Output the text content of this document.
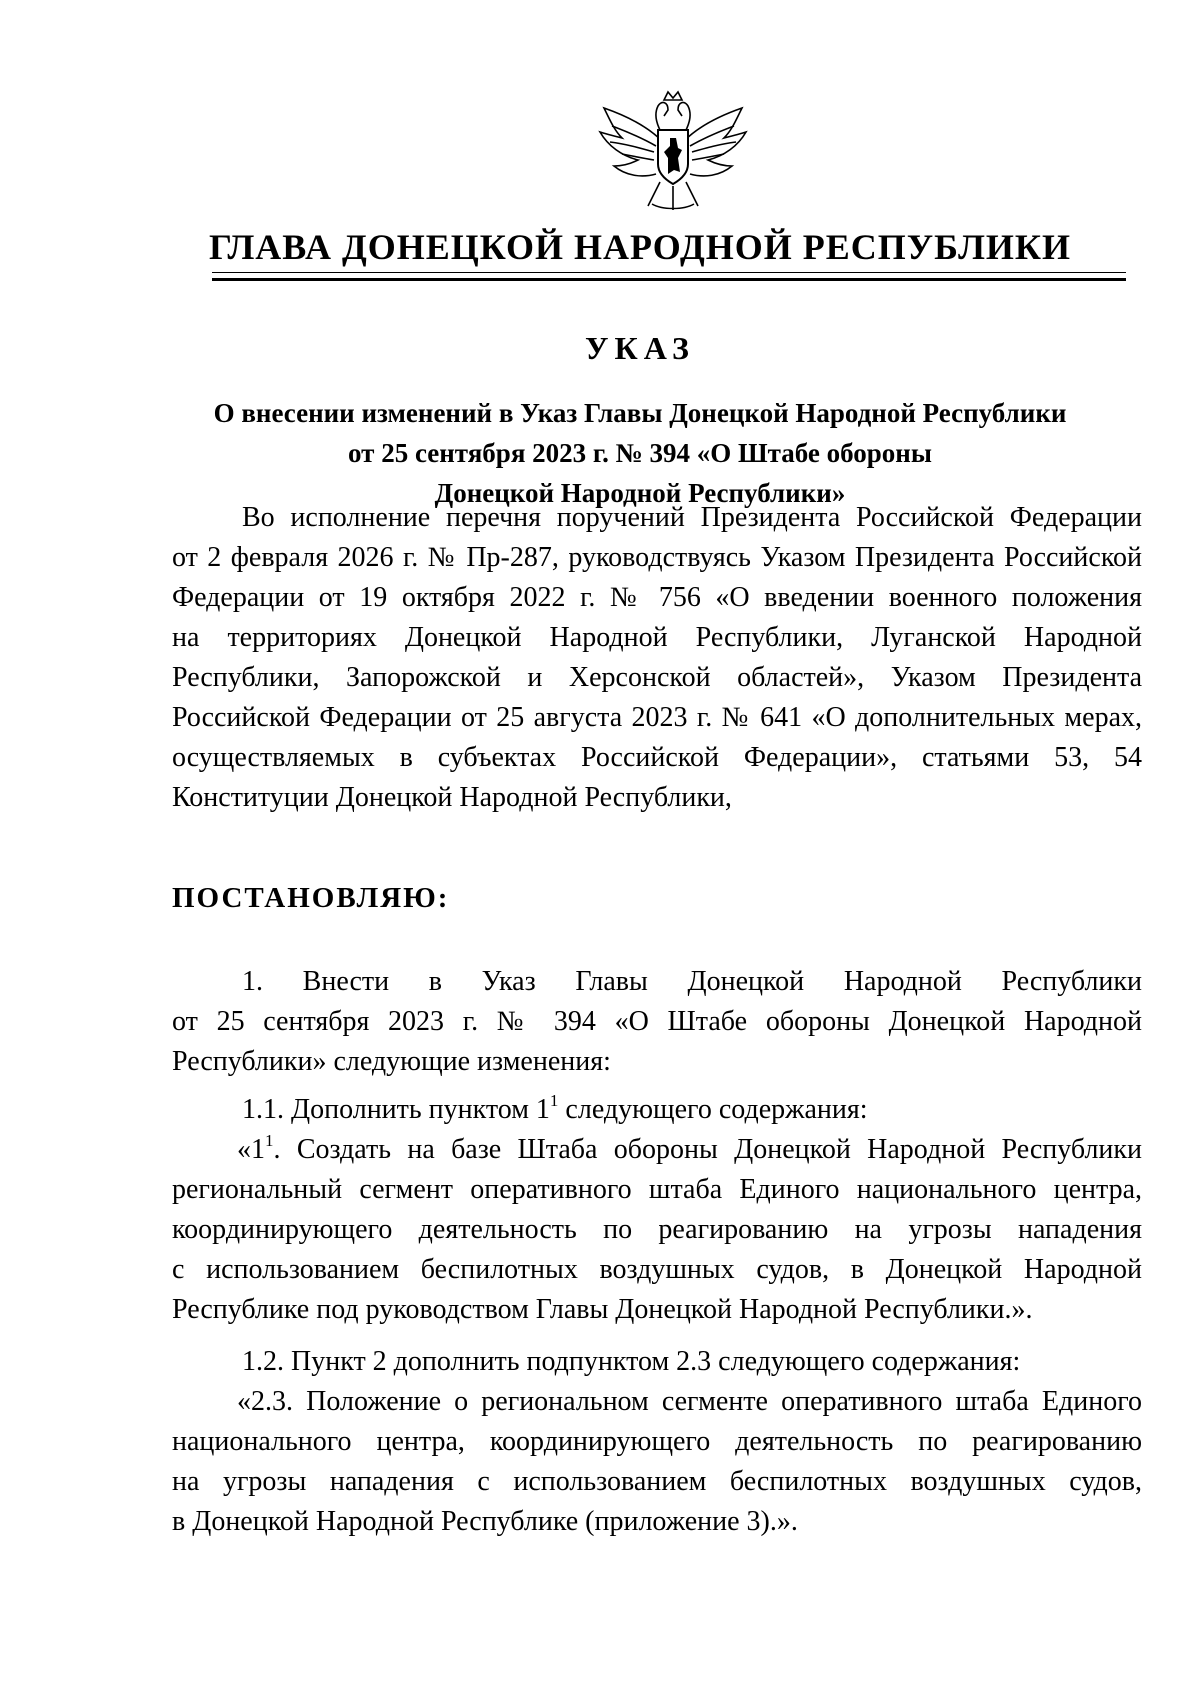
ГЛАВА ДОНЕЦКОЙ НАРОДНОЙ РЕСПУБЛИКИ
УКАЗ
О внесении изменений в Указ Главы Донецкой Народной Республики
от 25 сентября 2023 г. № 394 «О Штабе обороны
Донецкой Народной Республики»
Во исполнение перечня поручений Президента Российской Федерации
от 2 февраля 2026 г. № Пр-287, руководствуясь Указом Президента Российской
Федерации от 19 октября 2022 г. № 756 «О введении военного положения
на территориях Донецкой Народной Республики, Луганской Народной
Республики, Запорожской и Херсонской областей», Указом Президента
Российской Федерации от 25 августа 2023 г. № 641 «О дополнительных мерах,
осуществляемых в субъектах Российской Федерации», статьями 53, 54
Конституции Донецкой Народной Республики,
ПОСТАНОВЛЯЮ:
1. Внести в Указ Главы Донецкой Народной Республики
от 25 сентября 2023 г. № 394 «О Штабе обороны Донецкой Народной
Республики» следующие изменения:
1.1. Дополнить пунктом $1^1$ следующего содержания:
«$1^1$. Создать на базе Штаба обороны Донецкой Народной Республики
региональный сегмент оперативного штаба Единого национального центра,
координирующего деятельность по реагированию на угрозы нападения
с использованием беспилотных воздушных судов, в Донецкой Народной
Республике под руководством Главы Донецкой Народной Республики.».
1.2. Пункт 2 дополнить подпунктом 2.3 следующего содержания:
«2.3. Положение о региональном сегменте оперативного штаба Единого
национального центра, координирующего деятельность по реагированию
на угрозы нападения с использованием беспилотных воздушных судов,
в Донецкой Народной Республике (приложение 3).».
